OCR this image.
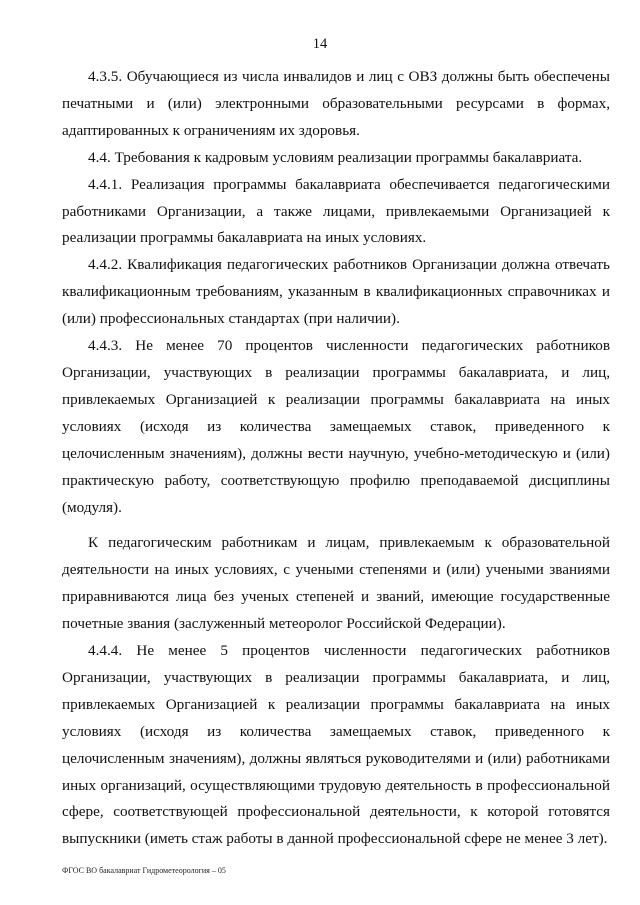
14

4.3.5. Обучающиеся из числа инвалидов и лиц с ОВЗ должны быть обеспечены печатными и (или) электронными образовательными ресурсами в формах, адаптированных к ограничениям их здоровья.

4.4. Требования к кадровым условиям реализации программы бакалавриата.

4.4.1. Реализация программы бакалавриата обеспечивается педагогическими работниками Организации, а также лицами, привлекаемыми Организацией к реализации программы бакалавриата на иных условиях.

4.4.2. Квалификация педагогических работников Организации должна отвечать квалификационным требованиям, указанным в квалификационных справочниках и (или) профессиональных стандартах (при наличии).

4.4.3. Не менее 70 процентов численности педагогических работников Организации, участвующих в реализации программы бакалавриата, и лиц, привлекаемых Организацией к реализации программы бакалавриата на иных условиях (исходя из количества замещаемых ставок, приведенного к целочисленным значениям), должны вести научную, учебно-методическую и (или) практическую работу, соответствующую профилю преподаваемой дисциплины (модуля).

К педагогическим работникам и лицам, привлекаемым к образовательной деятельности на иных условиях, с учеными степенями и (или) учеными званиями приравниваются лица без ученых степеней и званий, имеющие государственные почетные звания (заслуженный метеоролог Российской Федерации).

4.4.4. Не менее 5 процентов численности педагогических работников Организации, участвующих в реализации программы бакалавриата, и лиц, привлекаемых Организацией к реализации программы бакалавриата на иных условиях (исходя из количества замещаемых ставок, приведенного к целочисленным значениям), должны являться руководителями и (или) работниками иных организаций, осуществляющими трудовую деятельность в профессиональной сфере, соответствующей профессиональной деятельности, к которой готовятся выпускники (иметь стаж работы в данной профессиональной сфере не менее 3 лет).

ФГОС ВО бакалавриат Гидрометеорология – 05
